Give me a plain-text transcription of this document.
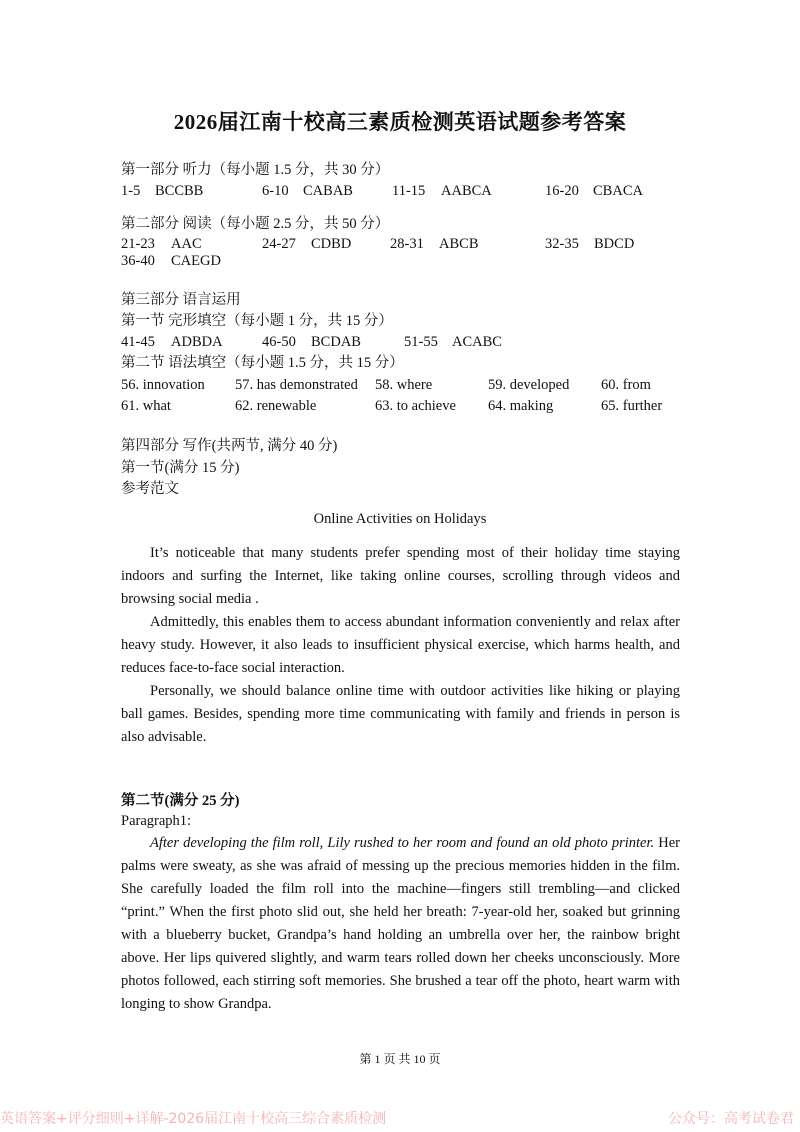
2026届江南十校高三素质检测英语试题参考答案
第一部分 听力（每小题 1.5 分，共 30 分）
1-5 BCCBB	6-10 CABAB	11-15 AABCA	16-20 CBACA
第二部分 阅读（每小题 2.5 分，共 50 分）
21-23 AAC	24-27 CDBD	28-31 ABCB	32-35 BDCD
36-40 CAEGD
第三部分 语言运用
第一节 完形填空（每小题 1 分，共 15 分）
41-45 ADBDA	46-50 BCDAB	51-55 ACABC
第二节 语法填空（每小题 1.5 分，共 15 分）
56. innovation 57. has demonstrated 58. where	59. developed 60. from
61. what	62. renewable	63. to achieve 64. making	65. further
第四部分 写作(共两节, 满分 40 分)
第一节(满分 15 分)
参考范文
Online Activities on Holidays
It’s noticeable that many students prefer spending most of their holiday time staying indoors and surfing the Internet, like taking online courses, scrolling through videos and browsing social media .
Admittedly, this enables them to access abundant information conveniently and relax after heavy study. However, it also leads to insufficient physical exercise, which harms health, and reduces face-to-face social interaction.
Personally, we should balance online time with outdoor activities like hiking or playing ball games. Besides, spending more time communicating with family and friends in person is also advisable.
第二节(满分 25 分)
Paragraph1:
After developing the film roll, Lily rushed to her room and found an old photo printer. Her palms were sweaty, as she was afraid of messing up the precious memories hidden in the film. She carefully loaded the film roll into the machine—fingers still trembling—and clicked “print.” When the first photo slid out, she held her breath: 7-year-old her, soaked but grinning with a blueberry bucket, Grandpa’s hand holding an umbrella over her, the rainbow bright above. Her lips quivered slightly, and warm tears rolled down her cheeks unconsciously. More photos followed, each stirring soft memories. She brushed a tear off the photo, heart warm with longing to show Grandpa.
第 1 页 共 10 页
英语答案+评分细则+详解-2026届江南十校高三综合素质检测	公众号：高考试卷君
